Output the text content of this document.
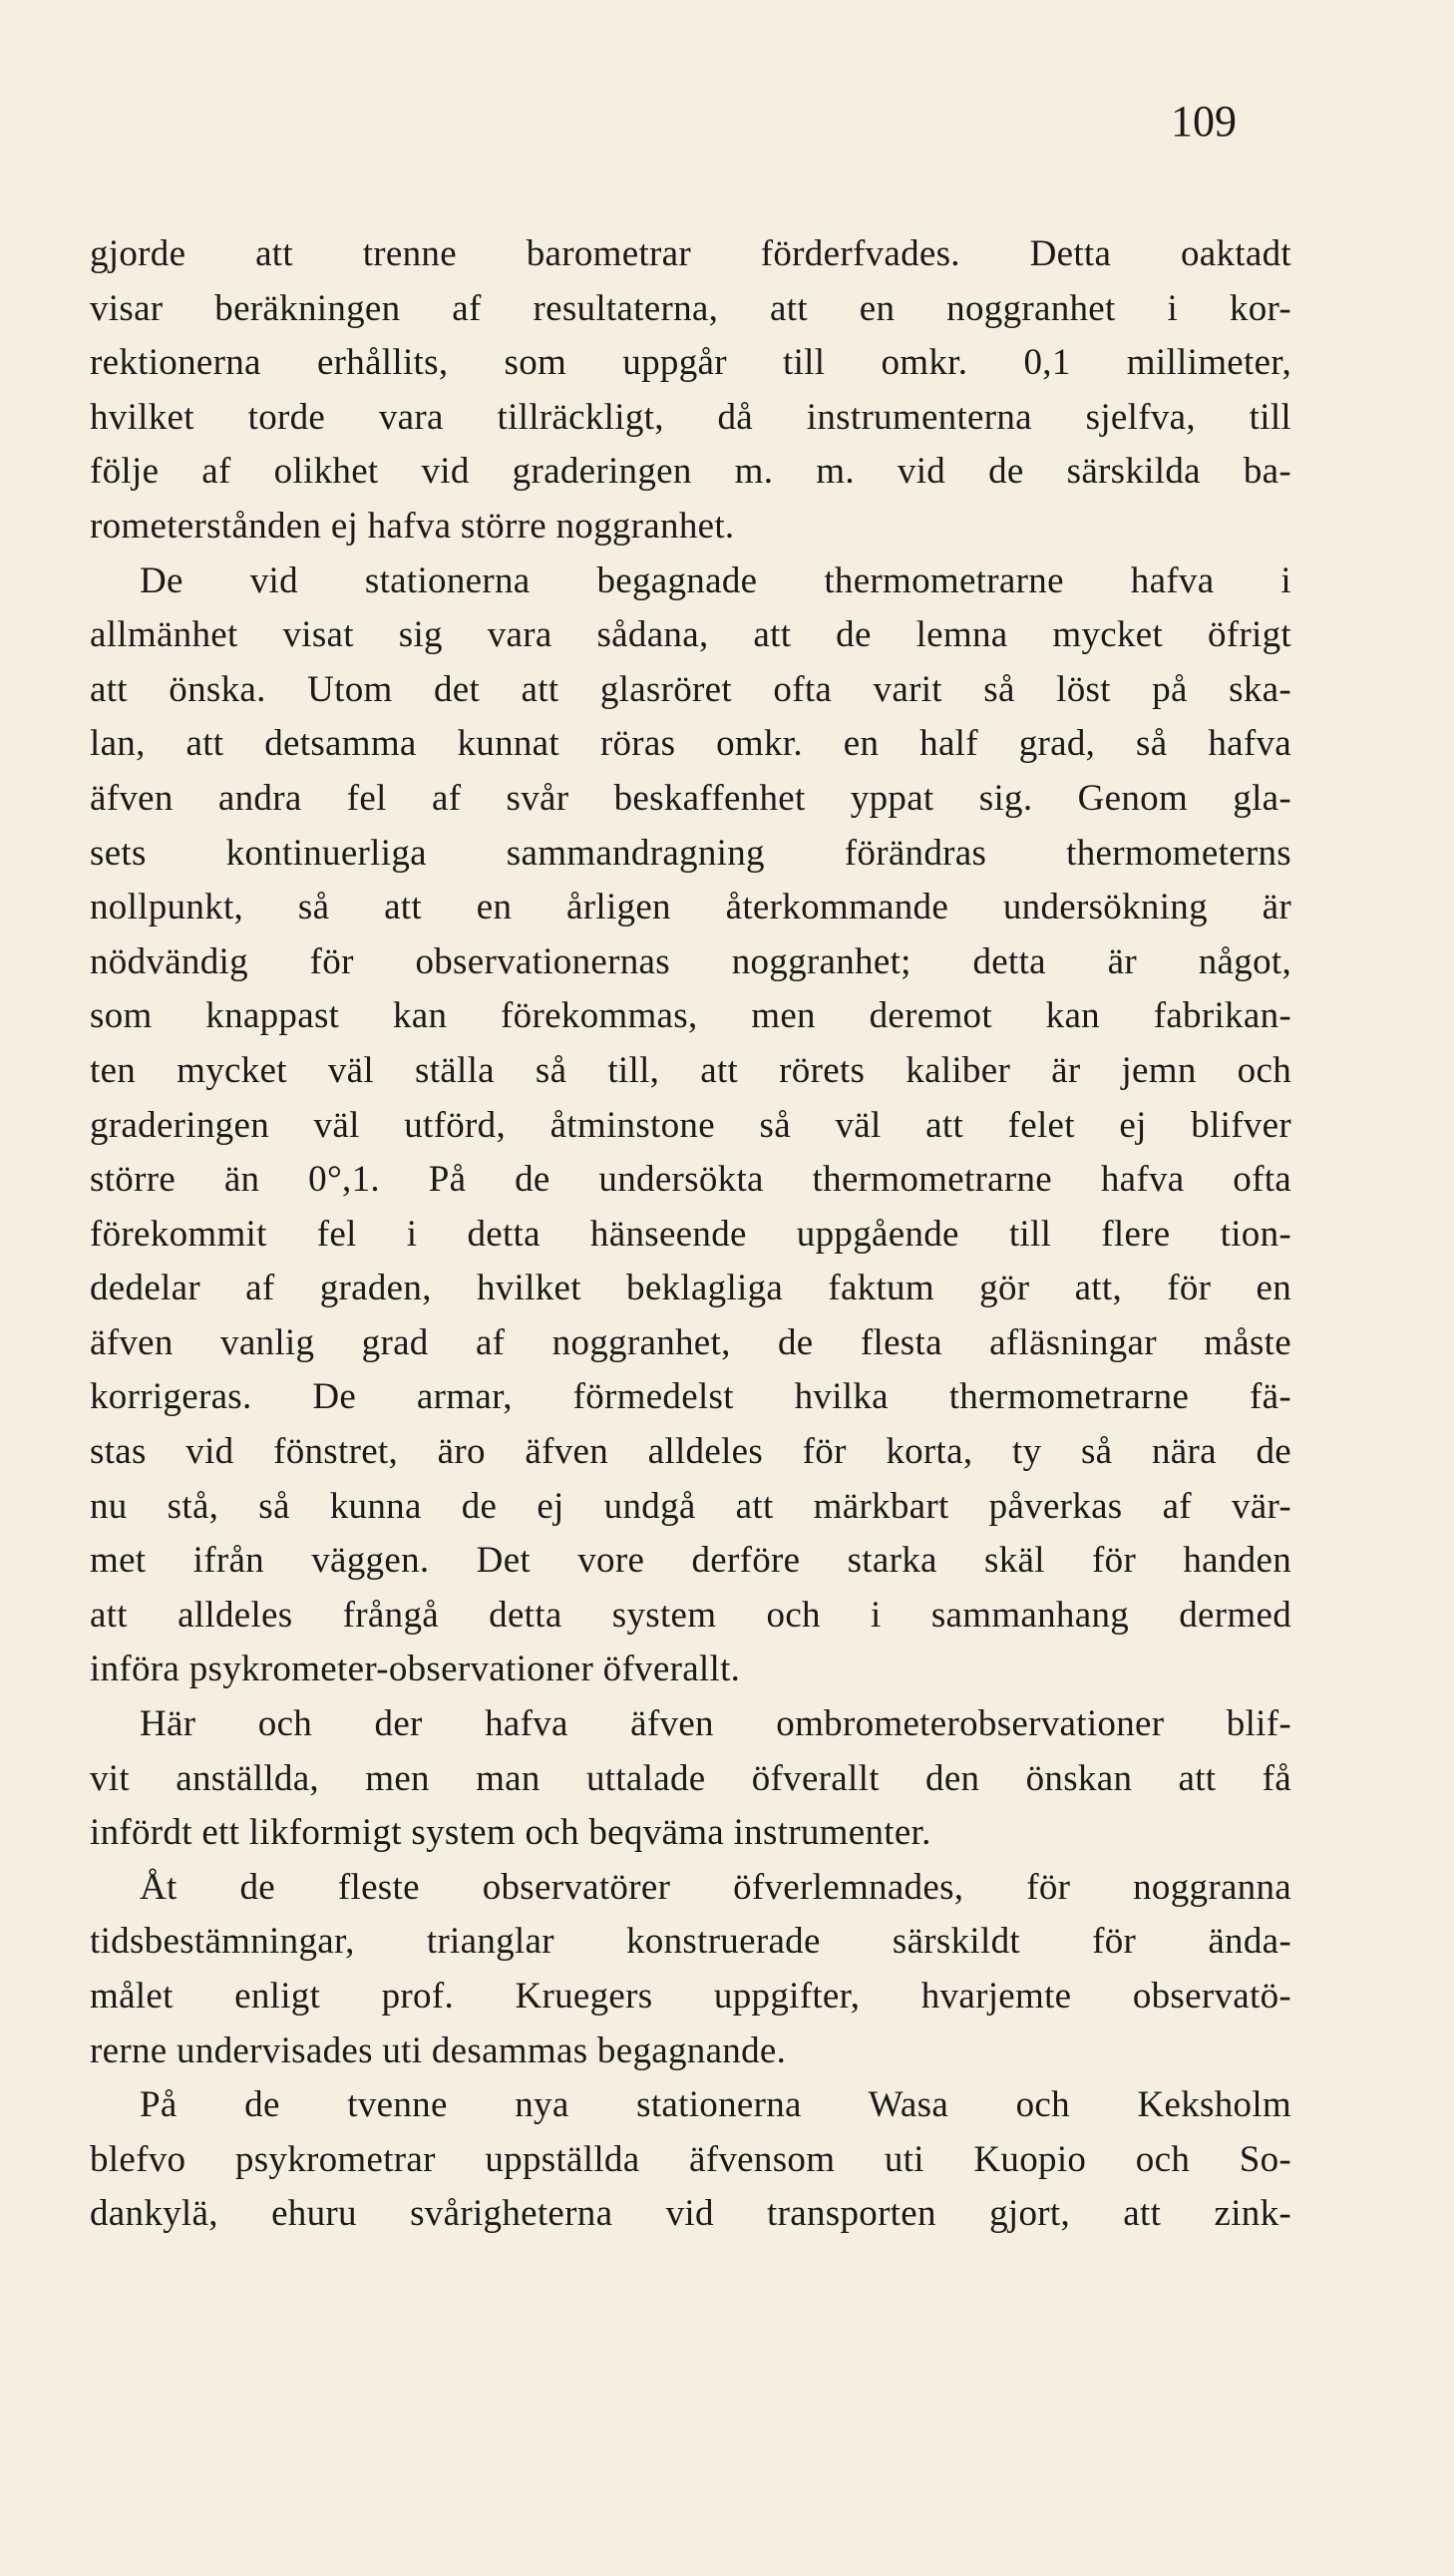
109
gjorde att trenne barometrar förderfvades. Detta oaktadt
visar beräkningen af resultaterna, att en noggranhet i kor-
rektionerna erhållits, som uppgår till omkr. 0,1 millimeter,
hvilket torde vara tillräckligt, då instrumenterna sjelfva, till
följe af olikhet vid graderingen m. m. vid de särskilda ba-
rometerstånden ej hafva större noggranhet.
De vid stationerna begagnade thermometrarne hafva i
allmänhet visat sig vara sådana, att de lemna mycket öfrigt
att önska. Utom det att glasröret ofta varit så löst på ska-
lan, att detsamma kunnat röras omkr. en half grad, så hafva
äfven andra fel af svår beskaffenhet yppat sig. Genom gla-
sets kontinuerliga sammandragning förändras thermometerns
nollpunkt, så att en årligen återkommande undersökning är
nödvändig för observationernas noggranhet; detta är något,
som knappast kan förekommas, men deremot kan fabrikan-
ten mycket väl ställa så till, att rörets kaliber är jemn och
graderingen väl utförd, åtminstone så väl att felet ej blifver
större än 0°,1. På de undersökta thermometrarne hafva ofta
förekommit fel i detta hänseende uppgående till flere tion-
dedelar af graden, hvilket beklagliga faktum gör att, för en
äfven vanlig grad af noggranhet, de flesta afläsningar måste
korrigeras. De armar, förmedelst hvilka thermometrarne fä-
stas vid fönstret, äro äfven alldeles för korta, ty så nära de
nu stå, så kunna de ej undgå att märkbart påverkas af vär-
met ifrån väggen. Det vore derföre starka skäl för handen
att alldeles frångå detta system och i sammanhang dermed
införa psykrometer-observationer öfverallt.
Här och der hafva äfven ombrometerobservationer blif-
vit anställda, men man uttalade öfverallt den önskan att få
infördt ett likformigt system och beqväma instrumenter.
Åt de fleste observatörer öfverlemnades, för noggranna
tidsbestämningar, trianglar konstruerade särskildt för ända-
målet enligt prof. Kruegers uppgifter, hvarjemte observatö-
rerne undervisades uti desammas begagnande.
På de tvenne nya stationerna Wasa och Keksholm
blefvo psykrometrar uppställda äfvensom uti Kuopio och So-
dankylä, ehuru svårigheterna vid transporten gjort, att zink-
